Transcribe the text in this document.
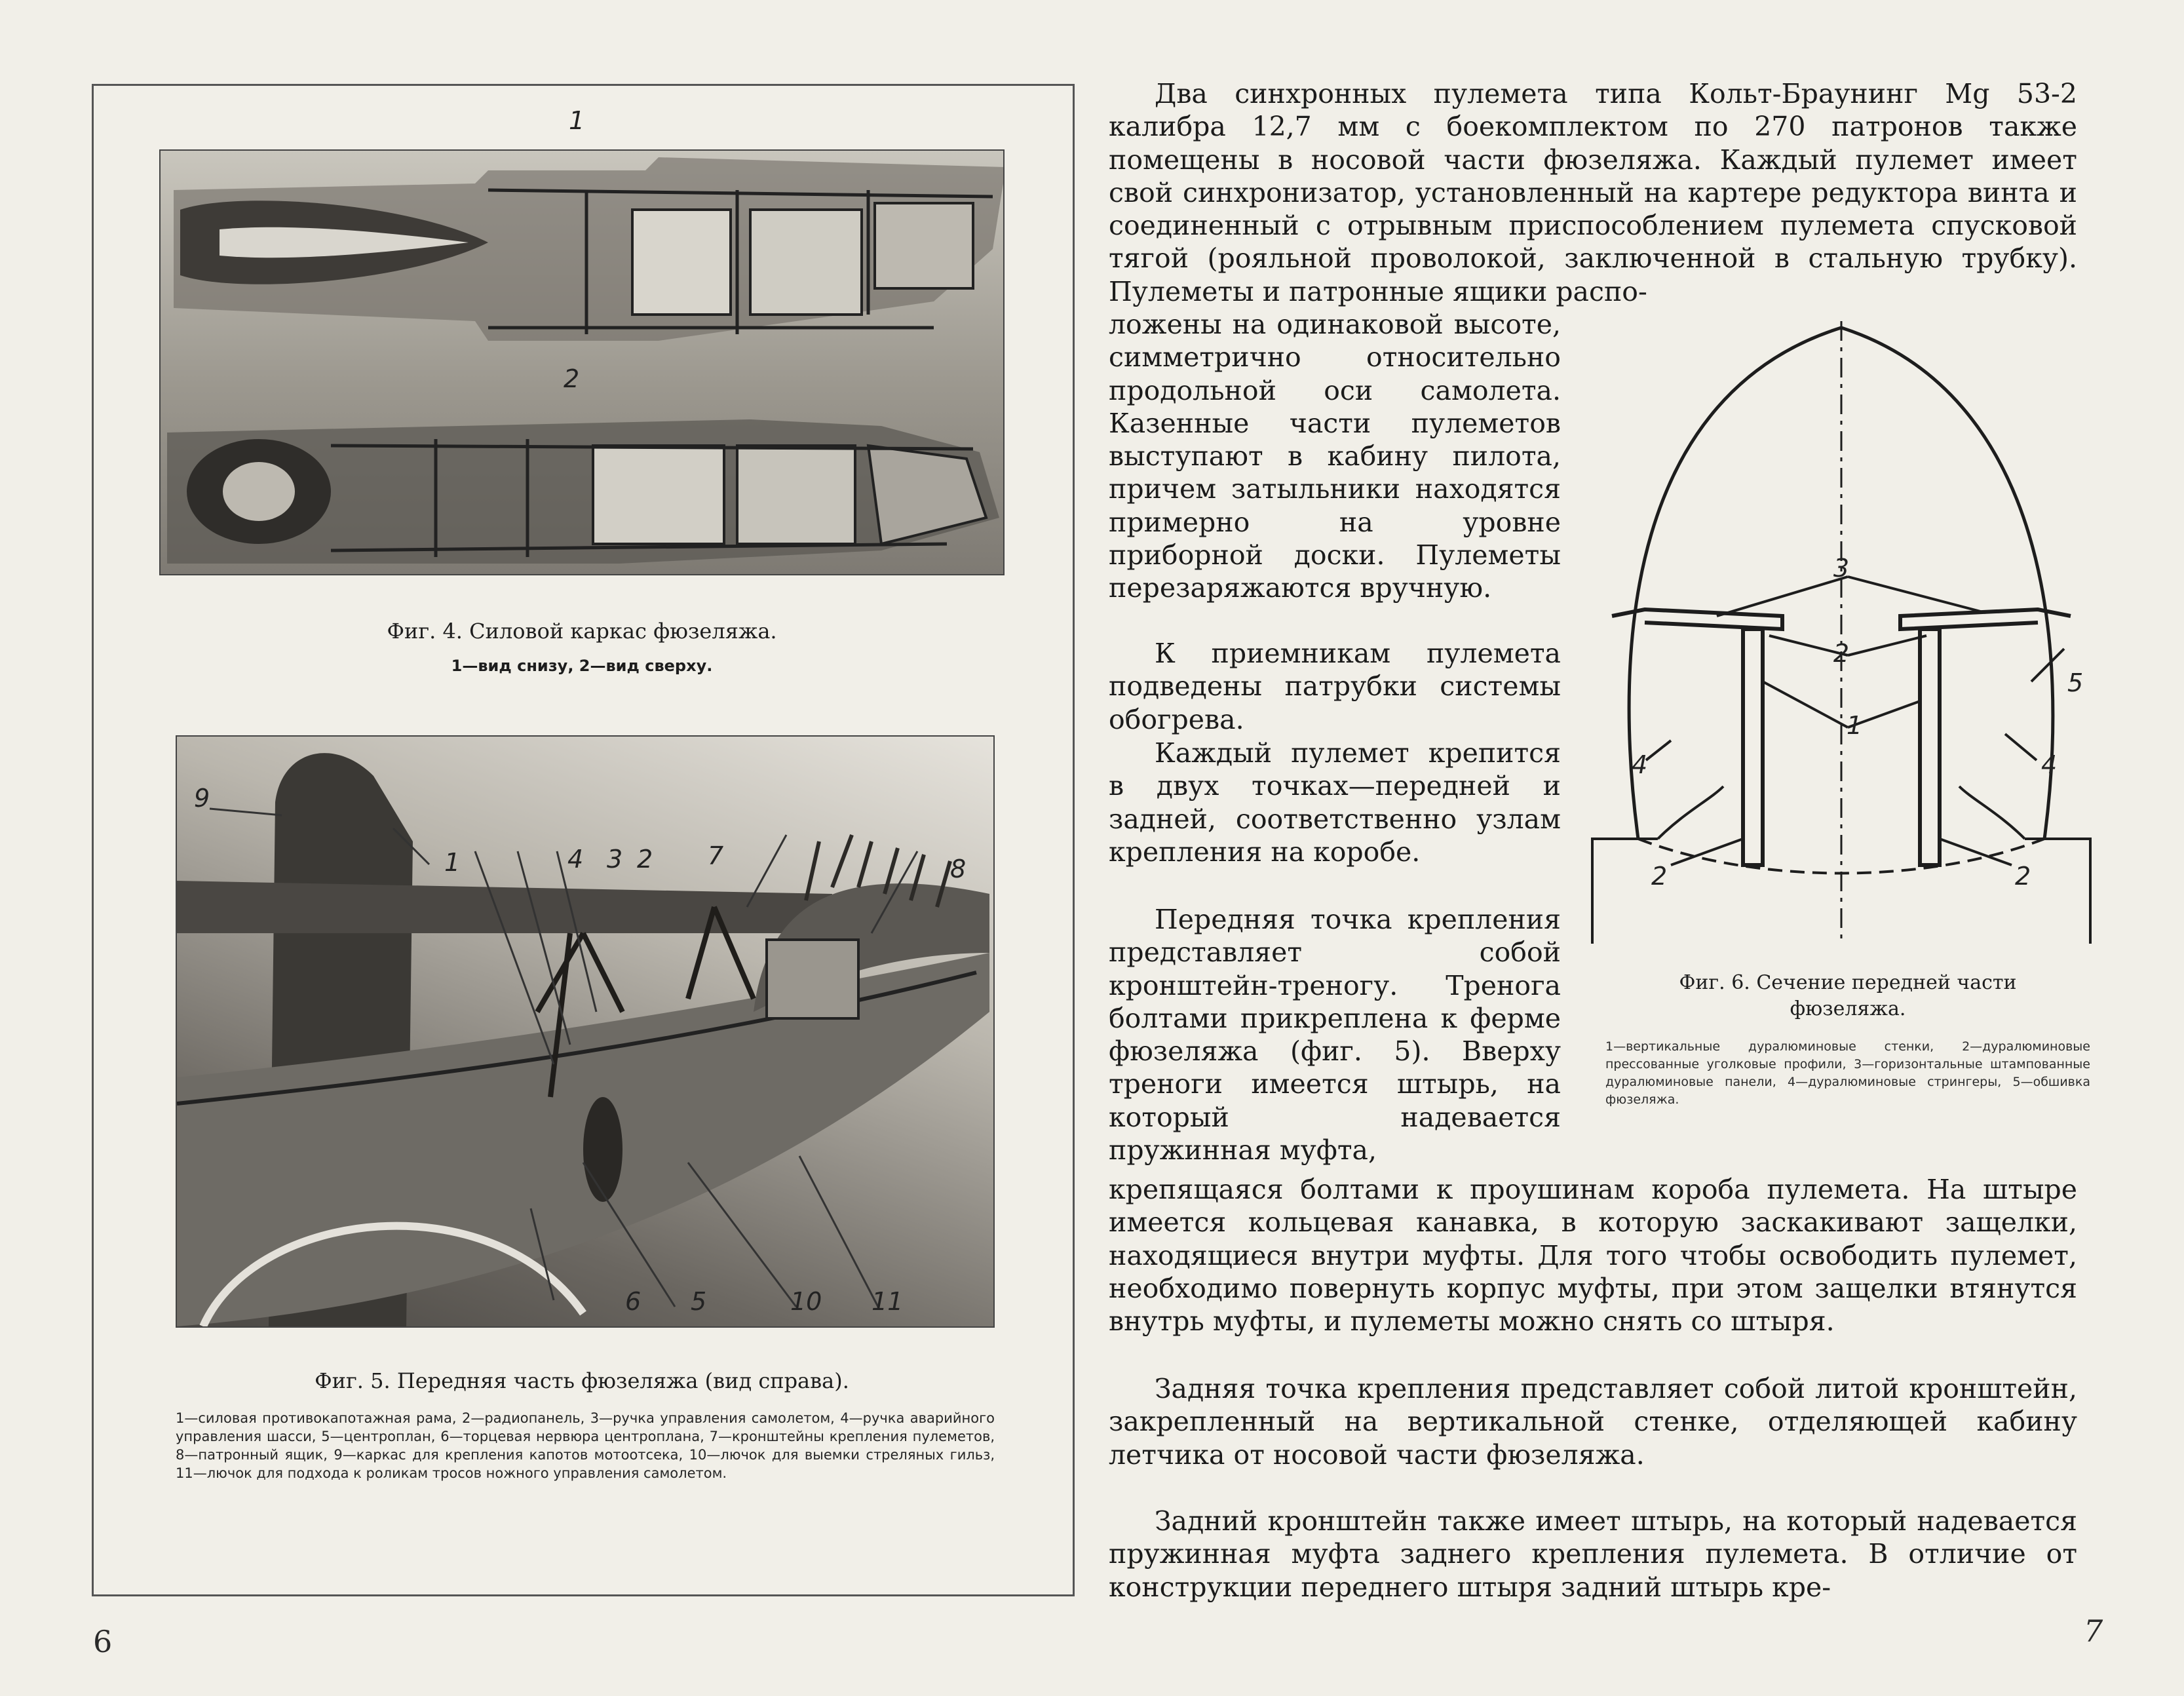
1
2
Фиг. 4. Силовой каркас фюзеляжа.
1—вид снизу, 2—вид сверху.
9
1	4 3 2 7	8
6 5	10 11
Фиг. 5. Передняя часть фюзеляжа (вид справа).
1—силовая противокапотажная рама, 2—радиопанель, 3—ручка управления самолетом, 4—ручка аварийного управления шасси, 5—центроплан, 6—торцевая нервюра центроплана, 7—кронштейны крепления пулеметов, 8—патронный ящик, 9—каркас для крепления капотов мотоотсека, 10—лючок для выемки стреляных гильз, 11—лючок для подхода к роликам тросов ножного управления самолетом.
Два синхронных пулемета типа Кольт-Браунинг Mg 53-2 калибра 12,7 мм с боекомплектом по 270 патронов также помещены в носовой части фюзеляжа. Каждый пулемет имеет свой синхронизатор, установленный на картере редуктора винта и соединенный с отрывным приспособлением пулемета спусковой тягой (рояльной проволокой, заключенной в стальную трубку). Пулеметы и патронные ящики распо-
ложены на одинаковой высоте, симметрично относительно продольной оси самолета. Казенные части пулеметов выступают в кабину пилота, причем затыльники находятся примерно на уровне приборной доски. Пулеметы перезаряжаются вручную.
К приемникам пулемета подведены патрубки системы обогрева.
Каждый пулемет крепится в двух точках—передней и задней, соответственно узлам крепления на коробе.
Передняя точка крепления представляет собой кронштейн-треногу. Тренога болтами прикреплена к ферме фюзеляжа (фиг. 5). Вверху треноги имеется штырь, на который надевается пружинная муфта,
крепящаяся болтами к проушинам короба пулемета. На штыре имеется кольцевая канавка, в которую заскакивают защелки, находящиеся внутри муфты. Для того чтобы освободить пулемет, необходимо повернуть корпус муфты, при этом защелки втянутся внутрь муфты, и пулеметы можно снять со штыря.
Задняя точка крепления представляет собой литой кронштейн, закрепленный на вертикальной стенке, отделяющей кабину летчика от носовой части фюзеляжа.
Задний кронштейн также имеет штырь, на который надевается пружинная муфта заднего крепления пулемета. В отличие от конструкции переднего штыря задний штырь кре-
3
2
1
4
5
4
2	2
Фиг. 6. Сечение передней части фюзеляжа.
1—вертикальные дуралюминовые стенки, 2—дуралюминовые прессованные уголковые профили, 3—горизонтальные штампованные дуралюминовые панели, 4—дуралюминовые стрингеры, 5—обшивка фюзеляжа.
6	7
